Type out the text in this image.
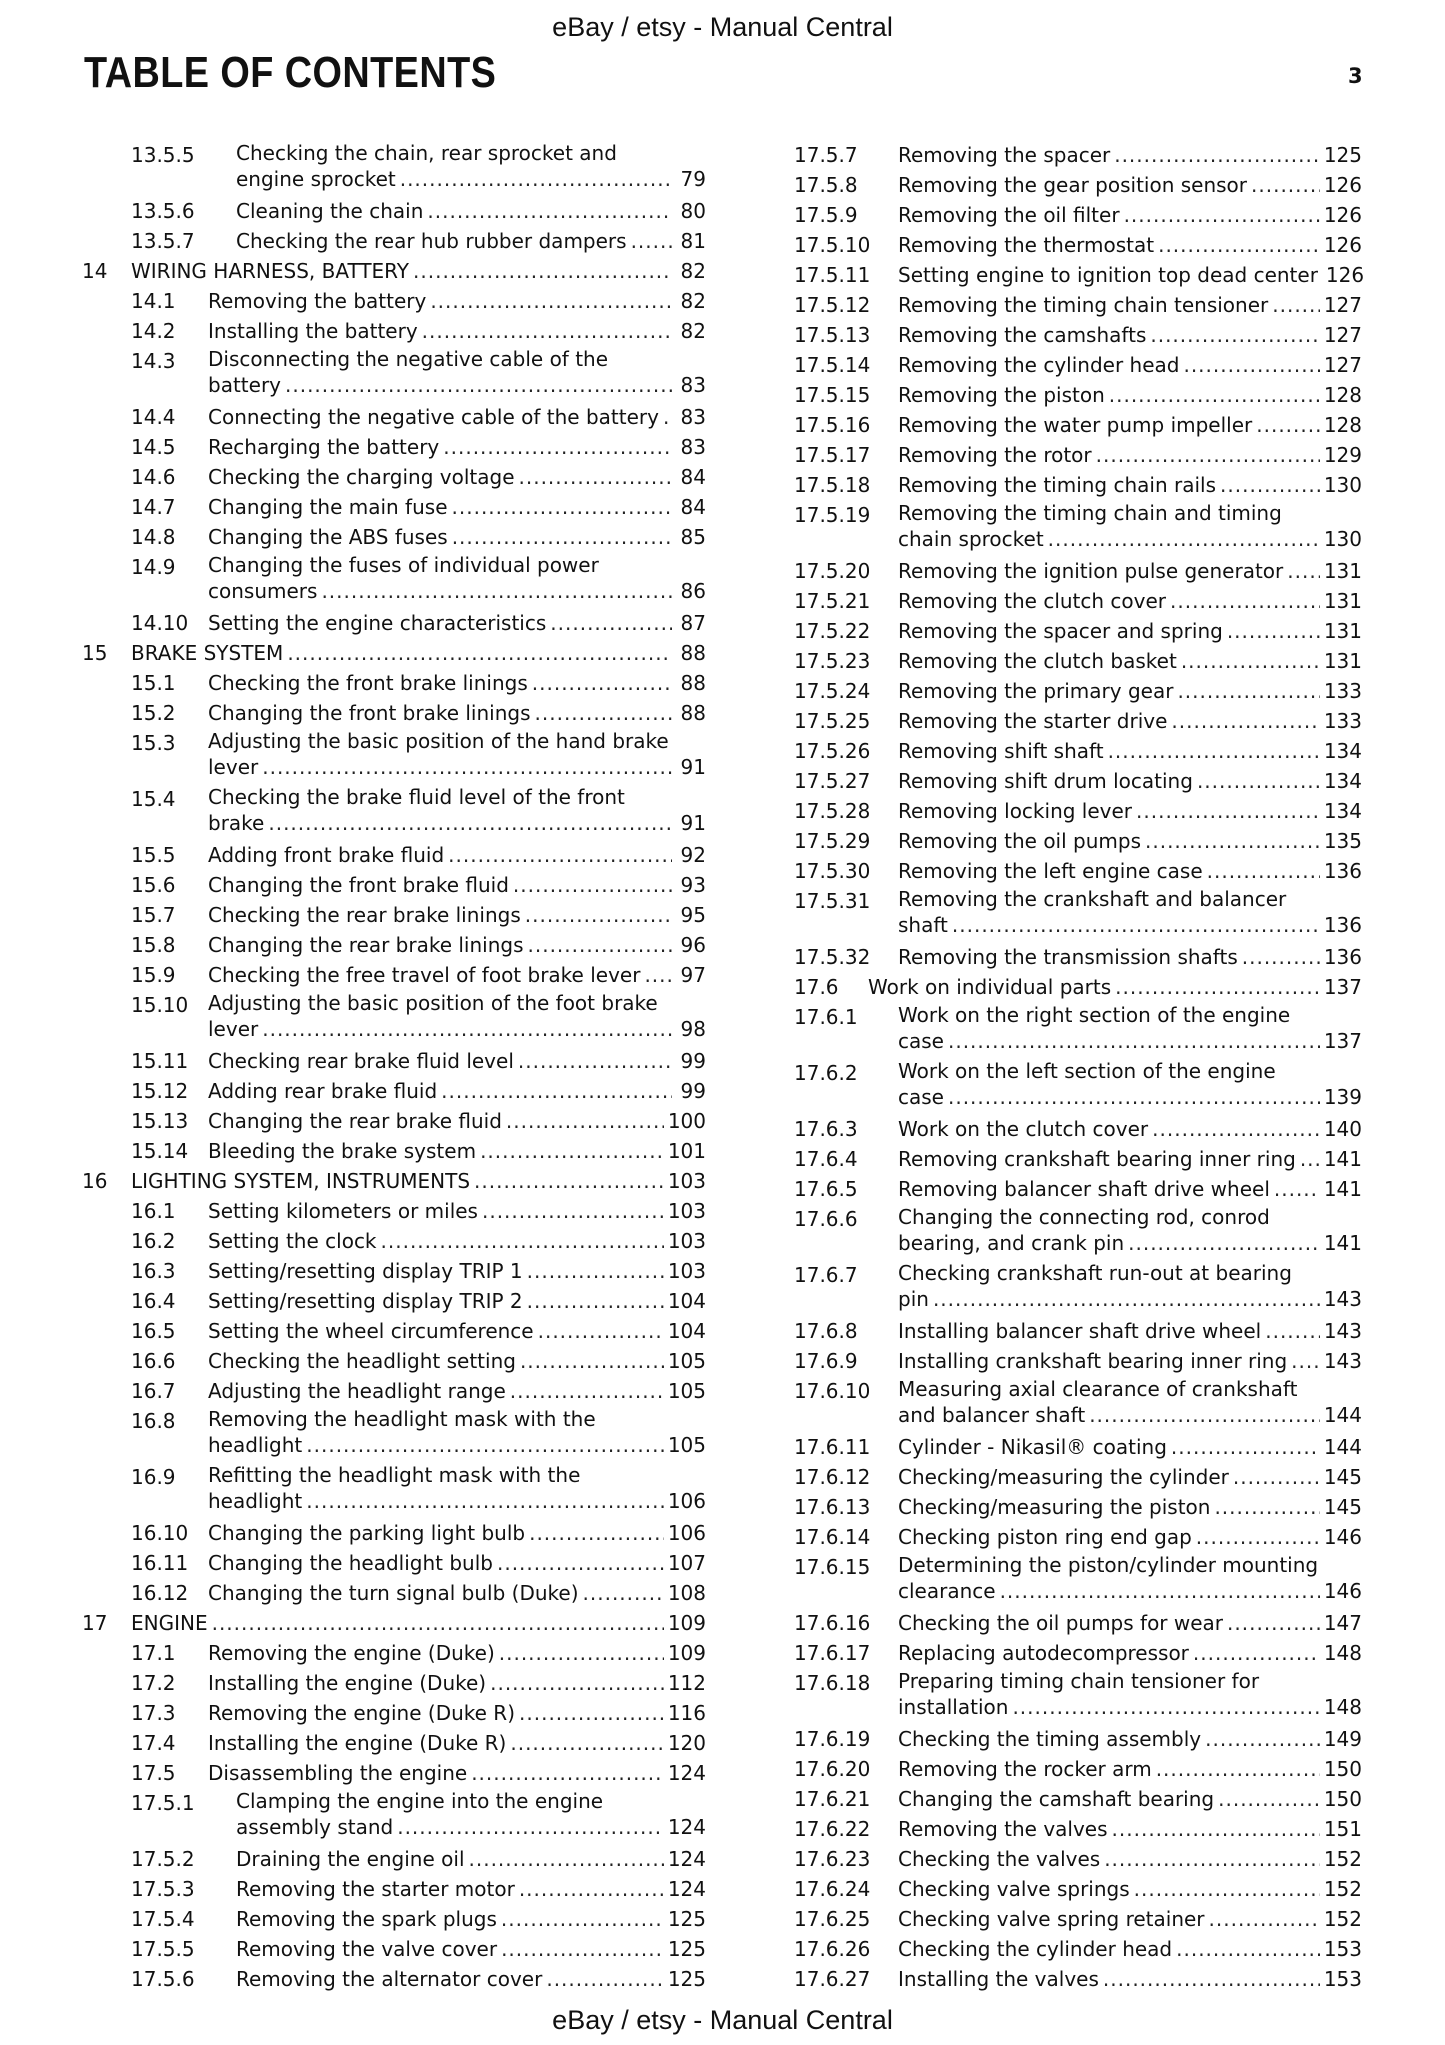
eBay / etsy - Manual Central
TABLE OF CONTENTS	3
13.5.5 Checking the chain, rear sprocket and
engine sprocket .....	79
13.5.6 Cleaning the chain .....	80
13.5.7 Checking the rear hub rubber dampers .....	81
14 WIRING HARNESS, BATTERY .....	82
14.1 Removing the battery .....	82
14.2 Installing the battery .....	82
14.3 Disconnecting the negative cable of the
battery .....	83
14.4 Connecting the negative cable of the battery ..... 83
14.5 Recharging the battery .....	83
14.6 Checking the charging voltage .....	84
14.7 Changing the main fuse .....	84
14.8 Changing the ABS fuses .....	85
14.9 Changing the fuses of individual power
consumers .....	86
14.10 Setting the engine characteristics .....	87
15 BRAKE SYSTEM .....	88
15.1 Checking the front brake linings .....	88
15.2 Changing the front brake linings .....	88
15.3 Adjusting the basic position of the hand brake
lever .....	91
15.4 Checking the brake fluid level of the front
brake .....	91
15.5 Adding front brake fluid .....	92
15.6 Changing the front brake fluid .....	93
15.7 Checking the rear brake linings .....	95
15.8 Changing the rear brake linings .....	96
15.9 Checking the free travel of foot brake lever ..... 97
15.10 Adjusting the basic position of the foot brake
lever .....	98
15.11 Checking rear brake fluid level .....	99
15.12 Adding rear brake fluid .....	99
15.13 Changing the rear brake fluid .....	100
15.14 Bleeding the brake system .....	101
16 LIGHTING SYSTEM, INSTRUMENTS .....	103
16.1 Setting kilometers or miles .....	103
16.2 Setting the clock .....	103
16.3 Setting/resetting display TRIP 1 .....	103
16.4 Setting/resetting display TRIP 2 .....	104
16.5 Setting the wheel circumference .....	104
16.6 Checking the headlight setting .....	105
16.7 Adjusting the headlight range .....	105
16.8 Removing the headlight mask with the
headlight .....	105
16.9 Refitting the headlight mask with the
headlight .....	106
16.10 Changing the parking light bulb .....	106
16.11 Changing the headlight bulb .....	107
16.12 Changing the turn signal bulb (Duke) .....	108
17 ENGINE .....	109
17.1 Removing the engine (Duke) .....	109
17.2 Installing the engine (Duke) .....	112
17.3 Removing the engine (Duke R) .....	116
17.4 Installing the engine (Duke R) .....	120
17.5 Disassembling the engine .....	124
17.5.1 Clamping the engine into the engine
assembly stand .....	124
17.5.2 Draining the engine oil .....	124
17.5.3 Removing the starter motor .....	124
17.5.4 Removing the spark plugs .....	125
17.5.5 Removing the valve cover .....	125
17.5.6 Removing the alternator cover .....	125
17.5.7 Removing the spacer .....	125
17.5.8 Removing the gear position sensor .....	126
17.5.9 Removing the oil filter .....	126
17.5.10 Removing the thermostat .....	126
17.5.11 Setting engine to ignition top dead center 126
17.5.12 Removing the timing chain tensioner .....	127
17.5.13 Removing the camshafts .....	127
17.5.14 Removing the cylinder head .....	127
17.5.15 Removing the piston .....	128
17.5.16 Removing the water pump impeller .....	128
17.5.17 Removing the rotor .....	129
17.5.18 Removing the timing chain rails .....	130
17.5.19 Removing the timing chain and timing
chain sprocket .....	130
17.5.20 Removing the ignition pulse generator ..... 131
17.5.21 Removing the clutch cover .....	131
17.5.22 Removing the spacer and spring .....	131
17.5.23 Removing the clutch basket .....	131
17.5.24 Removing the primary gear .....	133
17.5.25 Removing the starter drive .....	133
17.5.26 Removing shift shaft .....	134
17.5.27 Removing shift drum locating .....	134
17.5.28 Removing locking lever .....	134
17.5.29 Removing the oil pumps .....	135
17.5.30 Removing the left engine case .....	136
17.5.31 Removing the crankshaft and balancer
shaft .....	136
17.5.32 Removing the transmission shafts .....	136
17.6 Work on individual parts .....	137
17.6.1 Work on the right section of the engine
case .....	137
17.6.2 Work on the left section of the engine
case .....	139
17.6.3 Work on the clutch cover .....	140
17.6.4 Removing crankshaft bearing inner ring ..... 141
17.6.5 Removing balancer shaft drive wheel .....	141
17.6.6 Changing the connecting rod, conrod
bearing, and crank pin .....	141
17.6.7 Checking crankshaft run-out at bearing
pin .....	143
17.6.8 Installing balancer shaft drive wheel .....	143
17.6.9 Installing crankshaft bearing inner ring ..... 143
17.6.10 Measuring axial clearance of crankshaft
and balancer shaft .....	144
17.6.11 Cylinder - Nikasil® coating .....	144
17.6.12 Checking/measuring the cylinder .....	145
17.6.13 Checking/measuring the piston .....	145
17.6.14 Checking piston ring end gap .....	146
17.6.15 Determining the piston/cylinder mounting
clearance .....	146
17.6.16 Checking the oil pumps for wear .....	147
17.6.17 Replacing autodecompressor .....	148
17.6.18 Preparing timing chain tensioner for
installation .....	148
17.6.19 Checking the timing assembly .....	149
17.6.20 Removing the rocker arm .....	150
17.6.21 Changing the camshaft bearing .....	150
17.6.22 Removing the valves .....	151
17.6.23 Checking the valves .....	152
17.6.24 Checking valve springs .....	152
17.6.25 Checking valve spring retainer .....	152
17.6.26 Checking the cylinder head .....	153
17.6.27 Installing the valves .....	153
eBay / etsy - Manual Central
